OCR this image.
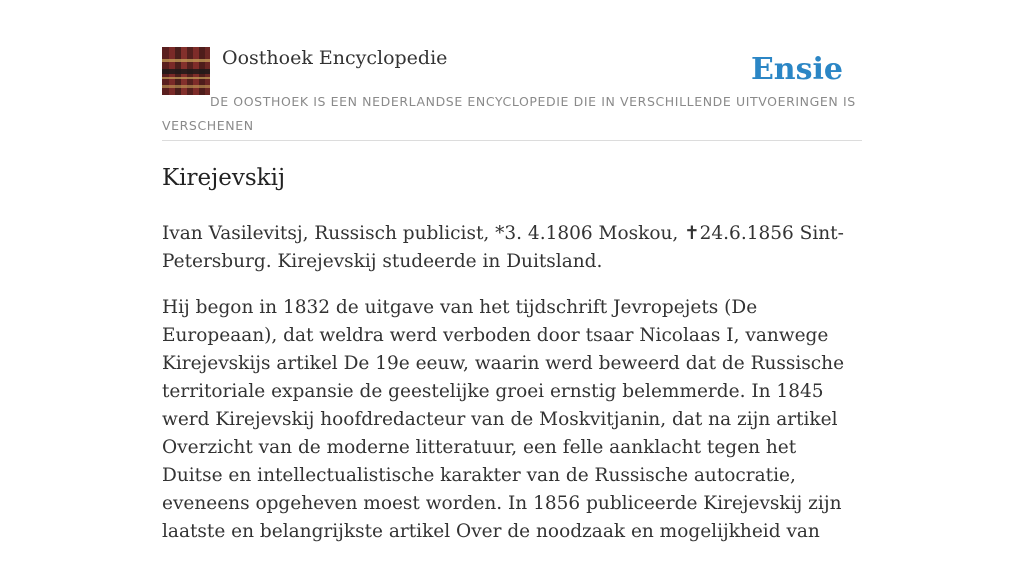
Oosthoek Encyclopedie	Ensie
DE OOSTHOEK IS EEN NEDERLANDSE ENCYCLOPEDIE DIE IN VERSCHILLENDE UITVOERINGEN IS VERSCHENEN
Kirejevskij

Ivan Vasilevitsj, Russisch publicist, *3. 4.1806 Moskou, ✝24.6.1856 Sint-Petersburg. Kirejevskij studeerde in Duitsland.

Hij begon in 1832 de uitgave van het tijdschrift Jevropejets (De Europeaan), dat weldra werd verboden door tsaar Nicolaas I, vanwege Kirejevskijs artikel De 19e eeuw, waarin werd beweerd dat de Russische territoriale expansie de geestelijke groei ernstig belemmerde. In 1845 werd Kirejevskij hoofdredacteur van de Moskvitjanin, dat na zijn artikel Overzicht van de moderne litteratuur, een felle aanklacht tegen het Duitse en intellectualistische karakter van de Russische autocratie, eveneens opgeheven moest worden. In 1856 publiceerde Kirejevskij zijn laatste en belangrijkste artikel Over de noodzaak en mogelijkheid van
